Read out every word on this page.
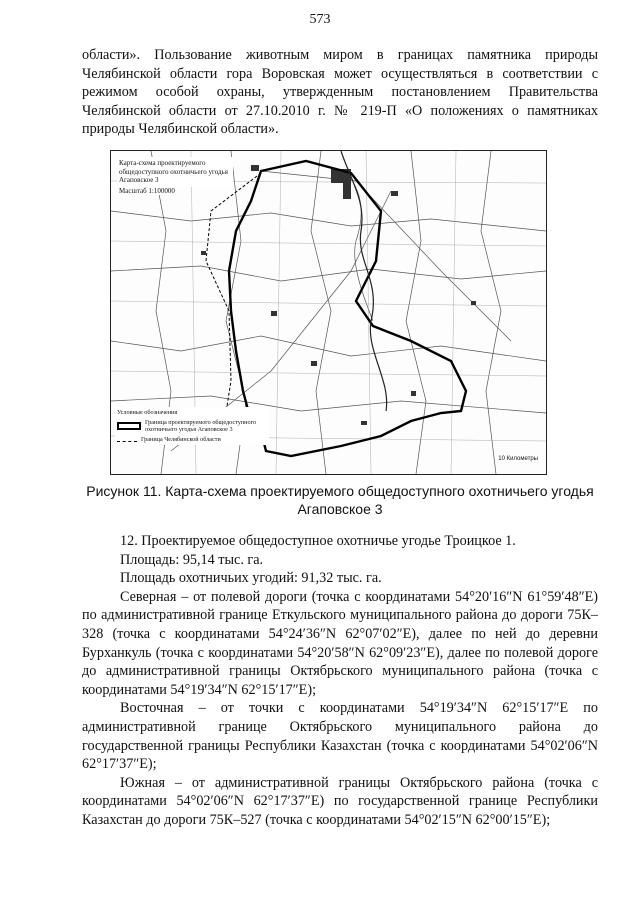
573

области». Пользование животным миром в границах памятника природы Челябинской области гора Воровская может осуществляться в соответствии с режимом особой охраны, утвержденным постановлением Правительства Челябинской области от 27.10.2010 г. № 219-П «О положениях о памятниках природы Челябинской области».

Карта-схема проектируемого общедоступного охотничьего угодья Агаповское 3
Масштаб 1:100000
Условные обозначения
Граница проектируемого общедоступного охотничьего угодья Агаповское 3
Граница Челябинской области
10 Километры
Рисунок 11. Карта-схема проектируемого общедоступного охотничьего угодья Агаповское 3

12. Проектируемое общедоступное охотничье угодье Троицкое 1.

Площадь: 95,14 тыс. га.

Площадь охотничьих угодий: 91,32 тыс. га.

Северная – от полевой дороги (точка с координатами 54°20′16″N 61°59′48″E) по административной границе Еткульского муниципального района до дороги 75К–328 (точка с координатами 54°24′36″N 62°07′02″E), далее по ней до деревни Бурханкуль (точка с координатами 54°20′58″N 62°09′23″E), далее по полевой дороге до административной границы Октябрьского муниципального района (точка с координатами 54°19′34″N 62°15′17″E);

Восточная – от точки с координатами 54°19′34″N 62°15′17″E по административной границе Октябрьского муниципального района до государственной границы Республики Казахстан (точка с координатами 54°02′06″N 62°17′37″E);

Южная – от административной границы Октябрьского района (точка с координатами 54°02′06″N 62°17′37″E) по государственной границе Республики Казахстан до дороги 75К–527 (точка с координатами 54°02′15″N 62°00′15″E);
